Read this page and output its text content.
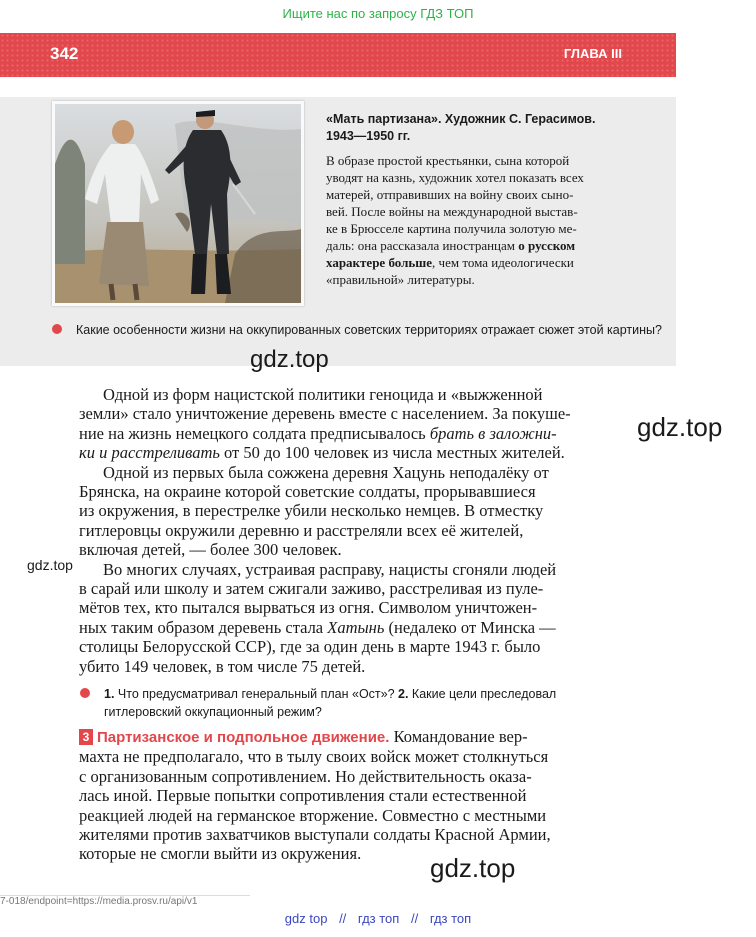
Ищите нас по запросу ГДЗ ТОП
342	ГЛАВА III
«Мать партизана». Художник С. Герасимов. 1943—1950 гг.
В образе простой крестьянки, сына которой
уводят на казнь, художник хотел показать всех
матерей, отправивших на войну своих сыно-
вей. После войны на международной выстав-
ке в Брюсселе картина получила золотую ме-
даль: она рассказала иностранцам о русском
характере больше, чем тома идеологически
«правильной» литературы.
Какие особенности жизни на оккупированных советских территориях отражает сюжет этой картины?
gdz.top
gdz.top
gdz.top
Одной из форм нацистской политики геноцида и «выжженной
земли» стало уничтожение деревень вместе с населением. За покуше-
ние на жизнь немецкого солдата предписывалось брать в заложни-
ки и расстреливать от 50 до 100 человек из числа местных жителей.
Одной из первых была сожжена деревня Хацунь неподалёку от
Брянска, на окраине которой советские солдаты, прорывавшиеся
из окружения, в перестрелке убили несколько немцев. В отместку
гитлеровцы окружили деревню и расстреляли всех её жителей,
включая детей, — более 300 человек.
Во многих случаях, устраивая расправу, нацисты сгоняли людей
в сарай или школу и затем сжигали заживо, расстреливая из пуле-
мётов тех, кто пытался вырваться из огня. Символом уничтожен-
ных таким образом деревень стала Хатынь (недалеко от Минска —
столицы Белорусской ССР), где за один день в марте 1943 г. было
убито 149 человек, в том числе 75 детей.
1. Что предусматривал генеральный план «Ост»? 2. Какие цели преследовал гитлеровский оккупационный режим?
3 Партизанское и подпольное движение. Командование вер-
махта не предполагало, что в тылу своих войск может столкнуться
с организованным сопротивлением. Но действительность оказа-
лась иной. Первые попытки сопротивления стали естественной
реакцией людей на германское вторжение. Совместно с местными
жителями против захватчиков выступали солдаты Красной Армии,
которые не смогли выйти из окружения.	gdz.top
7-018/endpoint=https://media.prosv.ru/api/v1
gdz top // гдз топ // гдз топ
